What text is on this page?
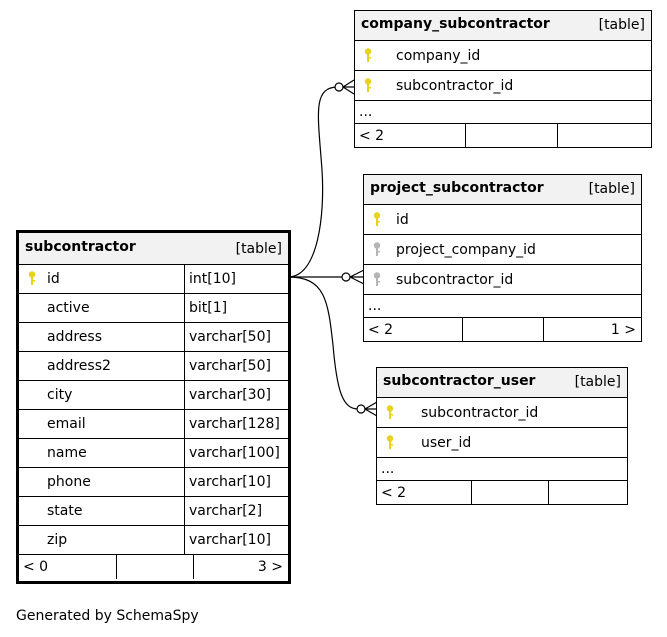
company_subcontractor	[table]
company_id
subcontractor_id
...
< 2
project_subcontractor	[table]
id
project_company_id
subcontractor_id
...
< 2	1 >
subcontractor	[table]
id	int[10]
active	bit[1]
address	varchar[50]
address2	varchar[50]
city	varchar[30]
email	varchar[128]
name	varchar[100]
phone	varchar[10]
state	varchar[2]
zip	varchar[10]
< 0	3 >
subcontractor_user	[table]
subcontractor_id
user_id
...
< 2
Generated by SchemaSpy
